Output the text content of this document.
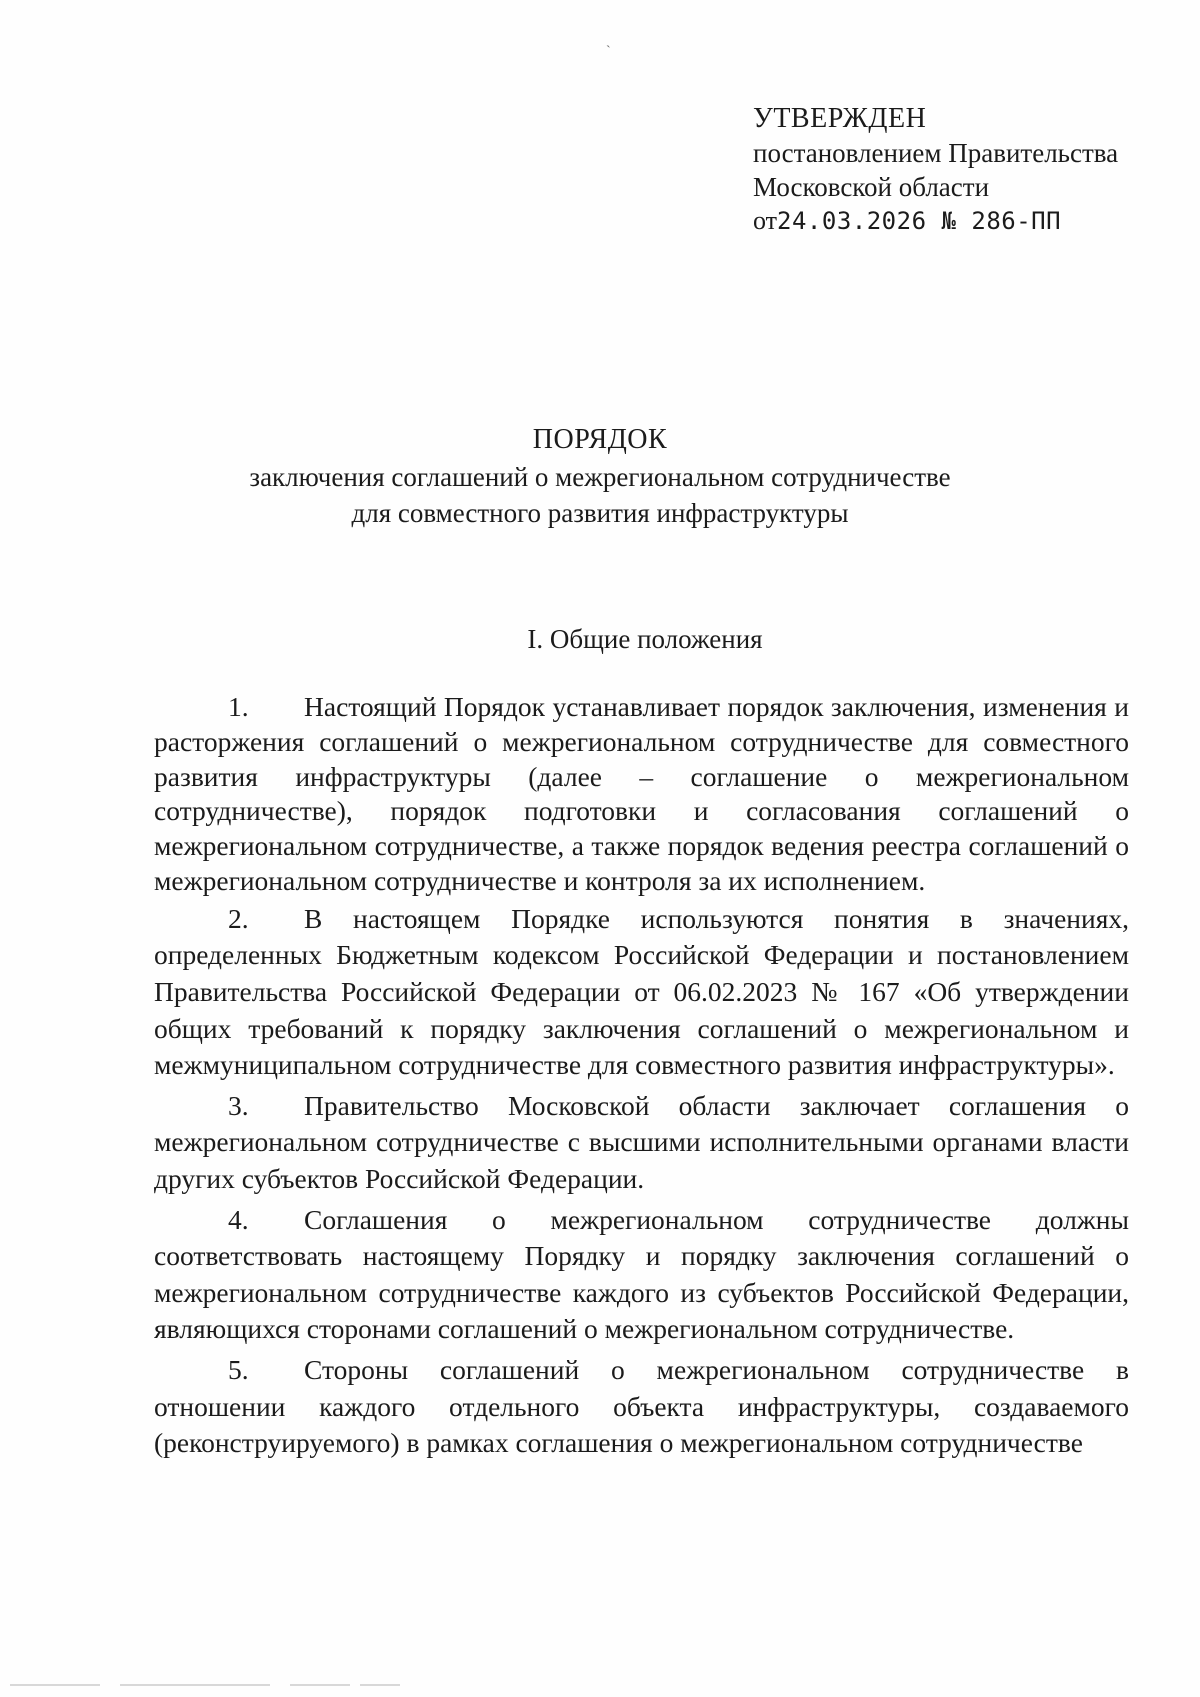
ˋ
УТВЕРЖДЕН
постановлением Правительства
Московской области
от24.03.2026 № 286-ПП
ПОРЯДОК
заключения соглашений о межрегиональном сотрудничестве
для совместного развития инфраструктуры
I. Общие положения

1. Настоящий Порядок устанавливает порядок заключения, изменения и расторжения соглашений о межрегиональном сотрудничестве для совместного развития инфраструктуры (далее – соглашение о межрегиональном сотрудничестве), порядок подготовки и согласования соглашений о межрегиональном сотрудничестве, а также порядок ведения реестра соглашений о межрегиональном сотрудничестве и контроля за их исполнением.

2. В настоящем Порядке используются понятия в значениях, определенных Бюджетным кодексом Российской Федерации и постановлением Правительства Российской Федерации от 06.02.2023 № 167 «Об утверждении общих требований к порядку заключения соглашений о межрегиональном и межмуниципальном сотрудничестве для совместного развития инфраструктуры».

3. Правительство Московской области заключает соглашения о межрегиональном сотрудничестве с высшими исполнительными органами власти других субъектов Российской Федерации.

4. Соглашения о межрегиональном сотрудничестве должны соответствовать настоящему Порядку и порядку заключения соглашений о межрегиональном сотрудничестве каждого из субъектов Российской Федерации, являющихся сторонами соглашений о межрегиональном сотрудничестве.

5. Стороны соглашений о межрегиональном сотрудничестве в отношении каждого отдельного объекта инфраструктуры, создаваемого (реконструируемого) в рамках соглашения о межрегиональном сотрудничестве
